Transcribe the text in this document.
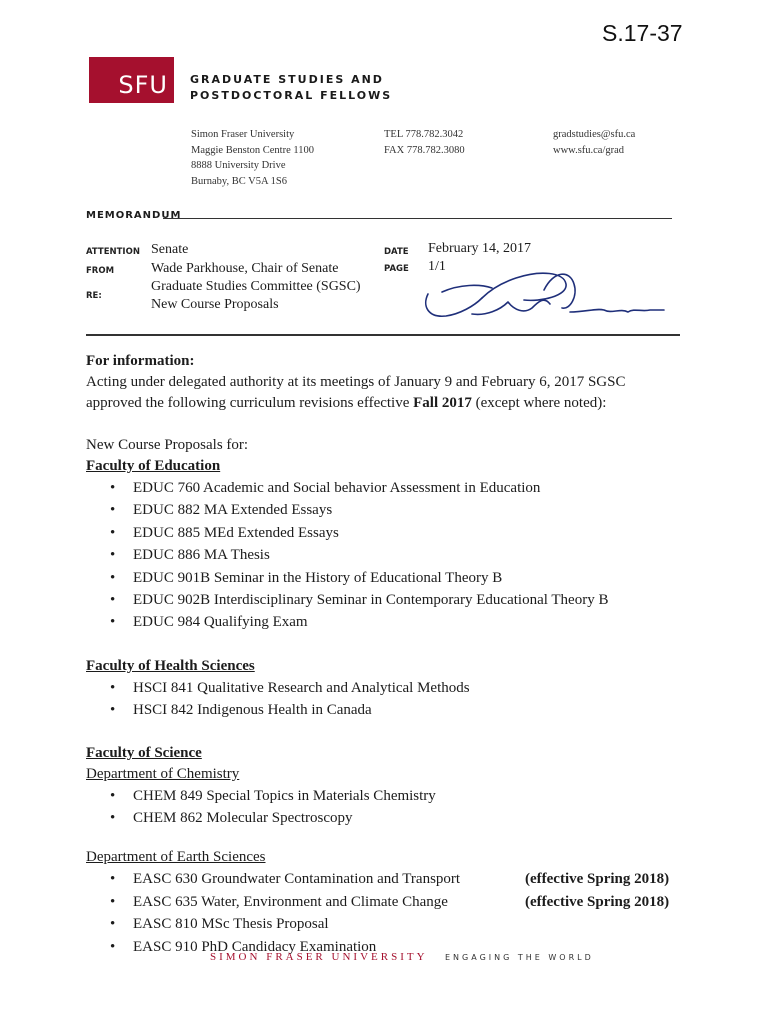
S.17-37
SFU	GRADUATE STUDIES AND
POSTDOCTORAL FELLOWS
Simon Fraser University
Maggie Benston Centre 1100
8888 University Drive
Burnaby, BC V5A 1S6
TEL 778.782.3042
FAX 778.782.3080
gradstudies@sfu.ca
www.sfu.ca/grad
MEMORANDUM
ATTENTION Senate
FROM	Wade Parkhouse, Chair of Senate
Graduate Studies Committee (SGSC)
RE:
New Course Proposals
DATE February 14, 2017
PAGE 1/1

For information:

Acting under delegated authority at its meetings of January 9 and February 6, 2017 SGSC

approved the following curriculum revisions effective Fall 2017 (except where noted):

New Course Proposals for:

Faculty of Education

• EDUC 760 Academic and Social behavior Assessment in Education
• EDUC 882 MA Extended Essays
• EDUC 885 MEd Extended Essays
• EDUC 886 MA Thesis
• EDUC 901B Seminar in the History of Educational Theory B
• EDUC 902B Interdisciplinary Seminar in Contemporary Educational Theory B
• EDUC 984 Qualifying Exam

Faculty of Health Sciences

• HSCI 841 Qualitative Research and Analytical Methods
• HSCI 842 Indigenous Health in Canada

Faculty of Science

Department of Chemistry

• CHEM 849 Special Topics in Materials Chemistry
• CHEM 862 Molecular Spectroscopy

Department of Earth Sciences

• EASC 630 Groundwater Contamination and Transport	(effective Spring 2018)
• EASC 635 Water, Environment and Climate Change	(effective Spring 2018)
• EASC 810 MSc Thesis Proposal
• EASC 910 PhD Candidacy Examination
SIMON FRASER UNIVERSITY ENGAGING THE WORLD
